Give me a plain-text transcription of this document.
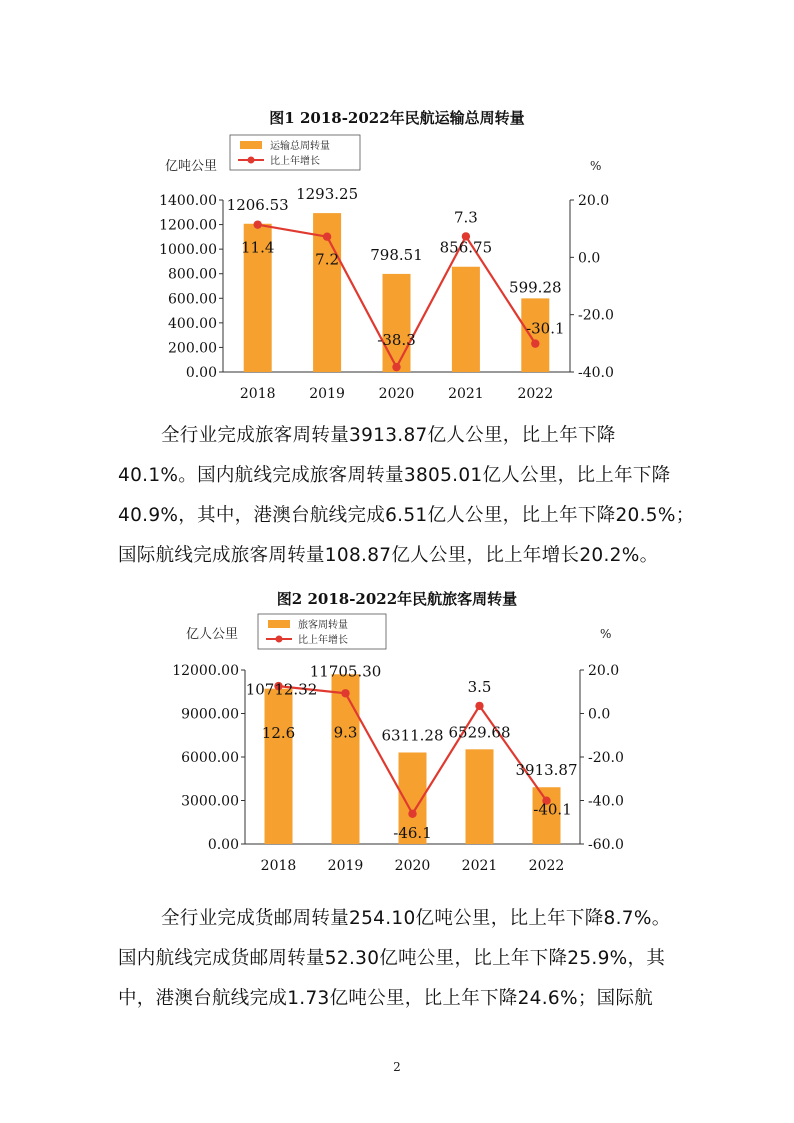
图1 2018-2022年民航运输总周转量
亿吨公里	%
运输总周转量
比上年增长
0.00
200.00
400.00
600.00
800.00
1000.00
1200.00
1400.00
-40.0
-20.0
0.0
20.0
2018 2019 2020 2021 2022
1206.53
1293.25
798.51 856.75
599.28
11.4
7.2
-38.3
7.3
-30.1
全行业完成旅客周转量3913.87亿人公里，比上年下降
40.1%。国内航线完成旅客周转量3805.01亿人公里，比上年下降
40.9%，其中，港澳台航线完成6.51亿人公里，比上年下降20.5%；
国际航线完成旅客周转量108.87亿人公里，比上年增长20.2%。
图2 2018-2022年民航旅客周转量
亿人公里	%
旅客周转量
比上年增长
0.00
3000.00
6000.00
9000.00
12000.00
-60.0
-40.0
-20.0
0.0
20.0
2018 2019 2020 2021 2022
10712.32
11705.30
6311.28 6529.68
3913.87
12.6	9.3
-46.1
3.5
-40.1
全行业完成货邮周转量254.10亿吨公里，比上年下降8.7%。
国内航线完成货邮周转量52.30亿吨公里，比上年下降25.9%，其
中，港澳台航线完成1.73亿吨公里，比上年下降24.6%；国际航
2
